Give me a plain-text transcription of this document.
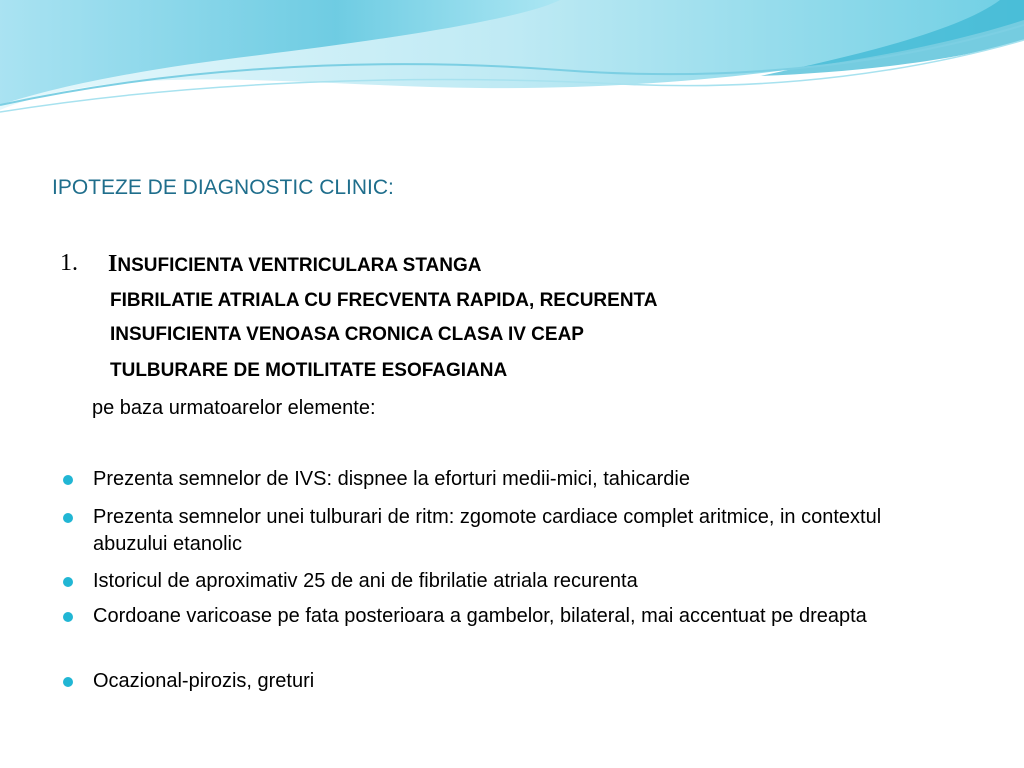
IPOTEZE DE DIAGNOSTIC CLINIC:
1. INSUFICIENTA VENTRICULARA STANGA
FIBRILATIE ATRIALA CU FRECVENTA RAPIDA, RECURENTA
INSUFICIENTA VENOASA CRONICA CLASA IV CEAP
TULBURARE DE MOTILITATE ESOFAGIANA
pe baza urmatoarelor elemente:
Prezenta semnelor de IVS: dispnee la eforturi medii-mici, tahicardie
Prezenta semnelor unei tulburari de ritm: zgomote cardiace complet aritmice, in contextul abuzului etanolic
Istoricul de aproximativ 25 de ani de fibrilatie atriala recurenta
Cordoane varicoase pe fata posterioara a gambelor, bilateral, mai accentuat pe dreapta
Ocazional-pirozis, greturi
